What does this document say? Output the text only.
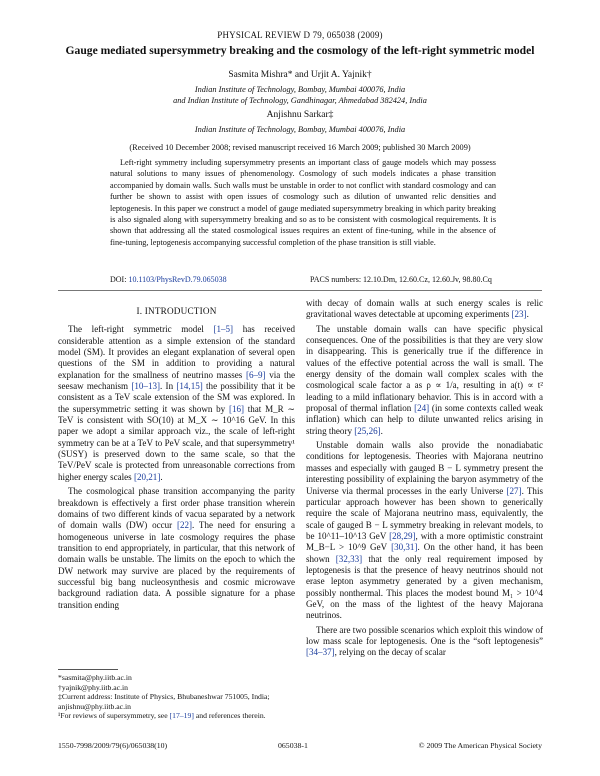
PHYSICAL REVIEW D 79, 065038 (2009)
Gauge mediated supersymmetry breaking and the cosmology of the left-right symmetric model
Sasmita Mishra* and Urjit A. Yajnik†
Indian Institute of Technology, Bombay, Mumbai 400076, India
and Indian Institute of Technology, Gandhinagar, Ahmedabad 382424, India
Anjishnu Sarkar‡
Indian Institute of Technology, Bombay, Mumbai 400076, India
(Received 10 December 2008; revised manuscript received 16 March 2009; published 30 March 2009)
Left-right symmetry including supersymmetry presents an important class of gauge models which may possess natural solutions to many issues of phenomenology. Cosmology of such models indicates a phase transition accompanied by domain walls. Such walls must be unstable in order to not conflict with standard cosmology and can further be shown to assist with open issues of cosmology such as dilution of unwanted relic densities and leptogenesis. In this paper we construct a model of gauge mediated supersymmetry breaking in which parity breaking is also signaled along with supersymmetry breaking and so as to be consistent with cosmological requirements. It is shown that addressing all the stated cosmological issues requires an extent of fine-tuning, while in the absence of fine-tuning, leptogenesis accompanying successful completion of the phase transition is still viable.
DOI: 10.1103/PhysRevD.79.065038	PACS numbers: 12.10.Dm, 12.60.Cz, 12.60.Jv, 98.80.Cq
I. INTRODUCTION

The left-right symmetric model [1–5] has received considerable attention as a simple extension of the standard model (SM). It provides an elegant explanation of several open questions of the SM in addition to providing a natural explanation for the smallness of neutrino masses [6–9] via the seesaw mechanism [10–13]. In [14,15] the possibility that it be consistent as a TeV scale extension of the SM was explored. In the supersymmetric setting it was shown by [16] that M_R ∼ TeV is consistent with SO(10) at M_X ∼ 10^16 GeV. In this paper we adopt a similar approach viz., the scale of left-right symmetry can be at a TeV to PeV scale, and that supersymmetry¹ (SUSY) is preserved down to the same scale, so that the TeV/PeV scale is protected from unreasonable corrections from higher energy scales [20,21].

The cosmological phase transition accompanying the parity breakdown is effectively a first order phase transition wherein domains of two different kinds of vacua separated by a network of domain walls (DW) occur [22]. The need for ensuring a homogeneous universe in late cosmology requires the phase transition to end appropriately, in particular, that this network of domain walls be unstable. The limits on the epoch to which the DW network may survive are placed by the requirements of successful big bang nucleosynthesis and cosmic microwave background radiation data. A possible signature for a phase transition ending

with decay of domain walls at such energy scales is relic gravitational waves detectable at upcoming experiments [23].

The unstable domain walls can have specific physical consequences. One of the possibilities is that they are very slow in disappearing. This is generically true if the difference in values of the effective potential across the wall is small. The energy density of the domain wall complex scales with the cosmological scale factor a as ρ ∝ 1/a, resulting in a(t) ∝ t² leading to a mild inflationary behavior. This is in accord with a proposal of thermal inflation [24] (in some contexts called weak inflation) which can help to dilute unwanted relics arising in string theory [25,26].

Unstable domain walls also provide the nonadiabatic conditions for leptogenesis. Theories with Majorana neutrino masses and especially with gauged B − L symmetry present the interesting possibility of explaining the baryon asymmetry of the Universe via thermal processes in the early Universe [27]. This particular approach however has been shown to generically require the scale of Majorana neutrino mass, equivalently, the scale of gauged B − L symmetry breaking in relevant models, to be 10^11–10^13 GeV [28,29], with a more optimistic constraint M_B−L > 10^9 GeV [30,31]. On the other hand, it has been shown [32,33] that the only real requirement imposed by leptogenesis is that the presence of heavy neutrinos should not erase lepton asymmetry generated by a given mechanism, possibly nonthermal. This places the modest bound M₁ > 10^4 GeV, on the mass of the lightest of the heavy Majorana neutrinos.

There are two possible scenarios which exploit this window of low mass scale for leptogenesis. One is the “soft leptogenesis” [34–37], relying on the decay of scalar

*sasmita@phy.iitb.ac.in
†yajnik@phy.iitb.ac.in
‡Current address: Institute of Physics, Bhubaneshwar 751005, India; anjishnu@phy.iitb.ac.in
¹For reviews of supersymmetry, see [17–19] and references therein.
1550-7998/2009/79(6)/065038(10)	065038-1	© 2009 The American Physical Society
